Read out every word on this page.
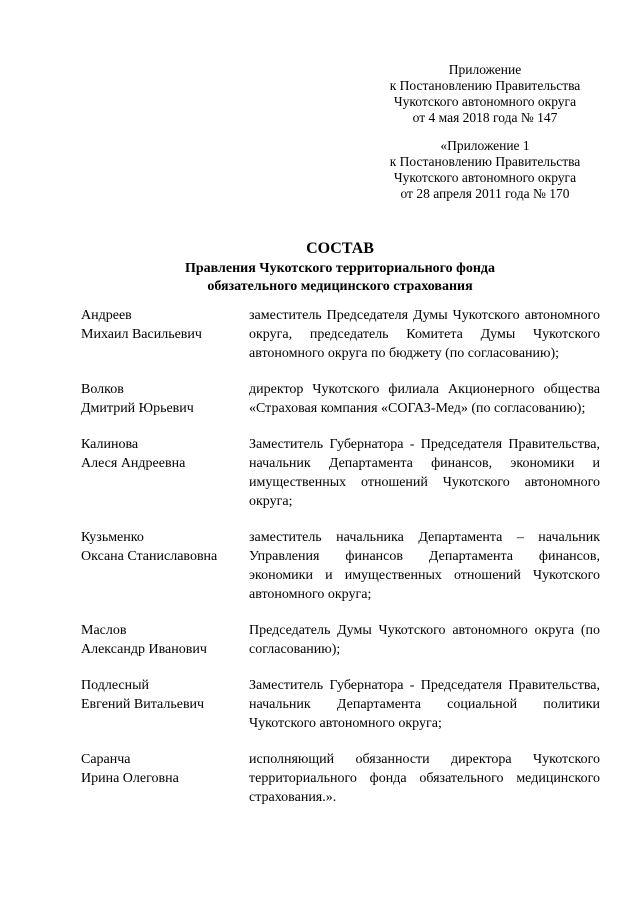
Приложение
к Постановлению Правительства
Чукотского автономного округа
от 4 мая 2018 года № 147
«Приложение 1
к Постановлению Правительства
Чукотского автономного округа
от 28 апреля 2011 года № 170
СОСТАВ
Правления Чукотского территориального фонда
обязательного медицинского страхования
Андреев
Михаил Васильевич
заместитель Председателя Думы Чукотского автономного округа, председатель Комитета Думы Чукотского автономного округа по бюджету (по согласованию);
Волков
Дмитрий Юрьевич
директор Чукотского филиала Акционерного общества «Страховая компания «СОГАЗ-Мед» (по согласованию);
Калинова
Алеся Андреевна
Заместитель Губернатора - Председателя Правительства, начальник Департамента финансов, экономики и имущественных отношений Чукотского автономного округа;
Кузьменко
Оксана Станиславовна
заместитель начальника Департамента – начальник Управления финансов Департамента финансов, экономики и имущественных отношений Чукотского автономного округа;
Маслов
Александр Иванович
Председатель Думы Чукотского автономного округа (по согласованию);
Подлесный
Евгений Витальевич
Заместитель Губернатора - Председателя Правительства, начальник Департамента социальной политики Чукотского автономного округа;
Саранча
Ирина Олеговна
исполняющий обязанности директора Чукотского территориального фонда обязательного медицинского страхования.».
